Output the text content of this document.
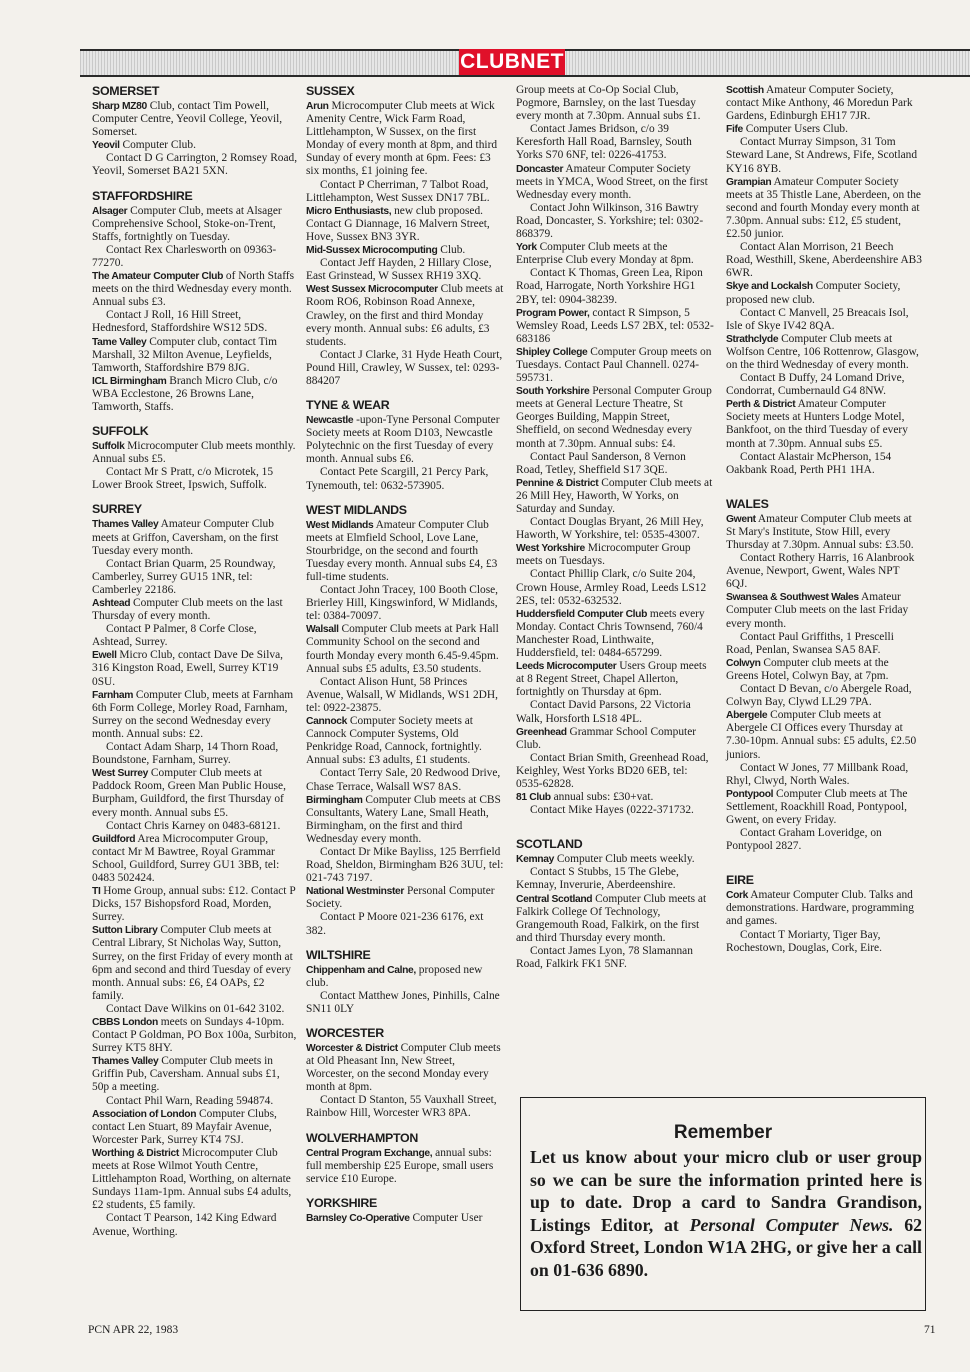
CLUBNET
SOMERSET
Sharp MZ80 Club, contact Tim Powell, Computer Centre, Yeovil College, Yeovil, Somerset.
Yeovil Computer Club.
Contact D G Carrington, 2 Romsey Road, Yeovil, Somerset BA21 5XN.
STAFFORDSHIRE
Alsager Computer Club, meets at Alsager Comprehensive School, Stoke-on-Trent, Staffs, fortnightly on Tuesday.
Contact Rex Charlesworth on 09363-77270.
The Amateur Computer Club of North Staffs meets on the third Wednesday every month. Annual subs £3.
Contact J Roll, 16 Hill Street, Hednesford, Staffordshire WS12 5DS.
Tame Valley Computer club, contact Tim Marshall, 32 Milton Avenue, Leyfields, Tamworth, Staffordshire B79 8JG.
ICL Birmingham Branch Micro Club, c/o WBA Ecclestone, 26 Browns Lane, Tamworth, Staffs.
SUFFOLK
Suffolk Microcomputer Club meets monthly. Annual subs £5.
Contact Mr S Pratt, c/o Microtek, 15 Lower Brook Street, Ipswich, Suffolk.
SURREY
Thames Valley Amateur Computer Club meets at Griffon, Caversham, on the first Tuesday every month.
Contact Brian Quarm, 25 Roundway, Camberley, Surrey GU15 1NR, tel: Camberley 22186.
Ashtead Computer Club meets on the last Thursday of every month.
Contact P Palmer, 8 Corfe Close, Ashtead, Surrey.
Ewell Micro Club, contact Dave De Silva, 316 Kingston Road, Ewell, Surrey KT19 0SU.
Farnham Computer Club, meets at Farnham 6th Form College, Morley Road, Farnham, Surrey on the second Wednesday every month. Annual subs: £2.
Contact Adam Sharp, 14 Thorn Road, Boundstone, Farnham, Surrey.
West Surrey Computer Club meets at Paddock Room, Green Man Public House, Burpham, Guildford, the first Thursday of every month. Annual subs £5.
Contact Chris Karney on 0483-68121.
Guildford Area Microcomputer Group, contact Mr M Bawtree, Royal Grammar School, Guildford, Surrey GU1 3BB, tel: 0483 502424.
TI Home Group, annual subs: £12. Contact P Dicks, 157 Bishopsford Road, Morden, Surrey.
Sutton Library Computer Club meets at Central Library, St Nicholas Way, Sutton, Surrey, on the first Friday of every month at 6pm and second and third Tuesday of every month. Annual subs: £6, £4 OAPs, £2 family.
Contact Dave Wilkins on 01-642 3102.
CBBS London meets on Sundays 4-10pm. Contact P Goldman, PO Box 100a, Surbiton, Surrey KT5 8HY.
Thames Valley Computer Club meets in Griffin Pub, Caversham. Annual subs £1, 50p a meeting.
Contact Phil Warn, Reading 594874.
Association of London Computer Clubs, contact Len Stuart, 89 Mayfair Avenue, Worcester Park, Surrey KT4 7SJ.
Worthing & District Microcomputer Club meets at Rose Wilmot Youth Centre, Littlehampton Road, Worthing, on alternate Sundays 11am-1pm. Annual subs £4 adults, £2 students, £5 family.
Contact T Pearson, 142 King Edward Avenue, Worthing.
SUSSEX
Arun Microcomputer Club meets at Wick Amenity Centre, Wick Farm Road, Littlehampton, W Sussex, on the first Monday of every month at 8pm, and third Sunday of every month at 6pm. Fees: £3 six months, £1 joining fee.
Contact P Cherriman, 7 Talbot Road, Littlehampton, West Sussex DN17 7BL.
Micro Enthusiasts, new club proposed. Contact G Diannage, 16 Malvern Street, Hove, Sussex BN3 3YR.
Mid-Sussex Microcomputing Club.
Contact Jeff Hayden, 2 Hillary Close, East Grinstead, W Sussex RH19 3XQ.
West Sussex Microcomputer Club meets at Room RO6, Robinson Road Annexe, Crawley, on the first and third Monday every month. Annual subs: £6 adults, £3 students.
Contact J Clarke, 31 Hyde Heath Court, Pound Hill, Crawley, W Sussex, tel: 0293-884207
TYNE & WEAR
Newcastle -upon-Tyne Personal Computer Society meets at Room D103, Newcastle Polytechnic on the first Tuesday of every month. Annual subs £6.
Contact Pete Scargill, 21 Percy Park, Tynemouth, tel: 0632-573905.
WEST MIDLANDS
West Midlands Amateur Computer Club meets at Elmfield School, Love Lane, Stourbridge, on the second and fourth Tuesday every month. Annual subs £4, £3 full-time students.
Contact John Tracey, 100 Booth Close, Brierley Hill, Kingswinford, W Midlands, tel: 0384-70097.
Walsall Computer Club meets at Park Hall Community School on the second and fourth Monday every month 6.45-9.45pm. Annual subs £5 adults, £3.50 students.
Contact Alison Hunt, 58 Princes Avenue, Walsall, W Midlands, WS1 2DH, tel: 0922-23875.
Cannock Computer Society meets at Cannock Computer Systems, Old Penkridge Road, Cannock, fortnightly. Annual subs: £3 adults, £1 students.
Contact Terry Sale, 20 Redwood Drive, Chase Terrace, Walsall WS7 8AS.
Birmingham Computer Club meets at CBS Consultants, Watery Lane, Small Heath, Birmingham, on the first and third Wednesday every month.
Contact Dr Mike Bayliss, 125 Berrfield Road, Sheldon, Birmingham B26 3UU, tel: 021-743 7197.
National Westminster Personal Computer Society.
Contact P Moore 021-236 6176, ext 382.
WILTSHIRE
Chippenham and Calne, proposed new club.
Contact Matthew Jones, Pinhills, Calne SN11 0LY
WORCESTER
Worcester & District Computer Club meets at Old Pheasant Inn, New Street, Worcester, on the second Monday every month at 8pm.
Contact D Stanton, 55 Vauxhall Street, Rainbow Hill, Worcester WR3 8PA.
WOLVERHAMPTON
Central Program Exchange, annual subs: full membership £25 Europe, small users service £10 Europe.
YORKSHIRE
Barnsley Co-Operative Computer User
Group meets at Co-Op Social Club, Pogmore, Barnsley, on the last Tuesday every month at 7.30pm. Annual subs £1.
Contact James Bridson, c/o 39 Keresforth Hall Road, Barnsley, South Yorks S70 6NF, tel: 0226-41753.
Doncaster Amateur Computer Society meets in YMCA, Wood Street, on the first Wednesday every month.
Contact John Wilkinson, 316 Bawtry Road, Doncaster, S. Yorkshire; tel: 0302-868379.
York Computer Club meets at the Enterprise Club every Monday at 8pm.
Contact K Thomas, Green Lea, Ripon Road, Harrogate, North Yorkshire HG1 2BY, tel: 0904-38239.
Program Power, contact R Simpson, 5 Wemsley Road, Leeds LS7 2BX, tel: 0532-683186
Shipley College Computer Group meets on Tuesdays. Contact Paul Channell. 0274-595731.
South Yorkshire Personal Computer Group meets at General Lecture Theatre, St Georges Building, Mappin Street, Sheffield, on second Wednesday every month at 7.30pm. Annual subs: £4.
Contact Paul Sanderson, 8 Vernon Road, Tetley, Sheffield S17 3QE.
Pennine & District Computer Club meets at 26 Mill Hey, Haworth, W Yorks, on Saturday and Sunday.
Contact Douglas Bryant, 26 Mill Hey, Haworth, W Yorkshire, tel: 0535-43007.
West Yorkshire Microcomputer Group meets on Tuesdays.
Contact Phillip Clark, c/o Suite 204, Crown House, Armley Road, Leeds LS12 2ES, tel: 0532-632532.
Huddersfield Computer Club meets every Monday. Contact Chris Townsend, 760/4 Manchester Road, Linthwaite, Huddersfield, tel: 0484-657299.
Leeds Microcomputer Users Group meets at 8 Regent Street, Chapel Allerton, fortnightly on Thursday at 6pm.
Contact David Parsons, 22 Victoria Walk, Horsforth LS18 4PL.
Greenhead Grammar School Computer Club.
Contact Brian Smith, Greenhead Road, Keighley, West Yorks BD20 6EB, tel: 0535-62828.
81 Club annual subs: £30+vat.
Contact Mike Hayes (0222-371732.
SCOTLAND
Kemnay Computer Club meets weekly.
Contact S Stubbs, 15 The Glebe, Kemnay, Inverurie, Aberdeenshire.
Central Scotland Computer Club meets at Falkirk College Of Technology, Grangemouth Road, Falkirk, on the first and third Thursday every month.
Contact James Lyon, 78 Slamannan Road, Falkirk FK1 5NF.
Scottish Amateur Computer Society, contact Mike Anthony, 46 Moredun Park Gardens, Edinburgh EH17 7JR.
Fife Computer Users Club.
Contact Murray Simpson, 31 Tom Steward Lane, St Andrews, Fife, Scotland KY16 8YB.
Grampian Amateur Computer Society meets at 35 Thistle Lane, Aberdeen, on the second and fourth Monday every month at 7.30pm. Annual subs: £12, £5 student, £2.50 junior.
Contact Alan Morrison, 21 Beech Road, Westhill, Skene, Aberdeenshire AB3 6WR.
Skye and Lockalsh Computer Society, proposed new club.
Contact C Manvell, 25 Breacais Isol, Isle of Skye IV42 8QA.
Strathclyde Computer Club meets at Wolfson Centre, 106 Rottenrow, Glasgow, on the third Wednesday of every month.
Contact B Duffy, 24 Lomand Drive, Condorrat, Cumbernauld G4 8NW.
Perth & District Amateur Computer Society meets at Hunters Lodge Motel, Bankfoot, on the third Tuesday of every month at 7.30pm. Annual subs £5.
Contact Alastair McPherson, 154 Oakbank Road, Perth PH1 1HA.
WALES
Gwent Amateur Computer Club meets at St Mary's Institute, Stow Hill, every Thursday at 7.30pm. Annual subs: £3.50.
Contact Rothery Harris, 16 Alanbrook Avenue, Newport, Gwent, Wales NPT 6QJ.
Swansea & Southwest Wales Amateur Computer Club meets on the last Friday every month.
Contact Paul Griffiths, 1 Prescelli Road, Penlan, Swansea SA5 8AF.
Colwyn Computer club meets at the Greens Hotel, Colwyn Bay, at 7pm.
Contact D Bevan, c/o Abergele Road, Colwyn Bay, Clywd LL29 7PA.
Abergele Computer Club meets at Abergele CI Offices every Thursday at 7.30-10pm. Annual subs: £5 adults, £2.50 juniors.
Contact W Jones, 77 Millbank Road, Rhyl, Clwyd, North Wales.
Pontypool Computer Club meets at The Settlement, Roackhill Road, Pontypool, Gwent, on every Friday.
Contact Graham Loveridge, on Pontypool 2827.
EIRE
Cork Amateur Computer Club. Talks and demonstrations. Hardware, programming and games.
Contact T Moriarty, Tiger Bay, Rochestown, Douglas, Cork, Eire.
Remember
Let us know about your micro club or user group so we can be sure the information printed here is up to date. Drop a card to Sandra Grandison, Listings Editor, at Personal Computer News. 62 Oxford Street, London W1A 2HG, or give her a call on 01-636 6890.
PCN APR 22, 1983	71
